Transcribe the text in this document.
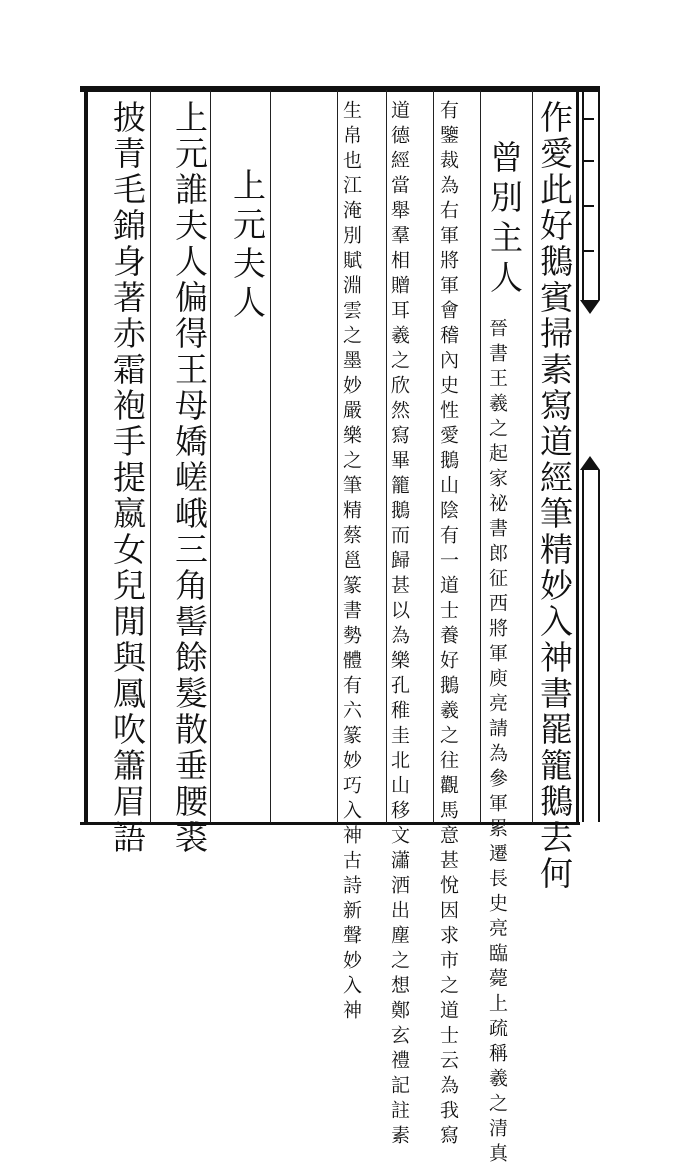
作愛此好鵝賓掃素寫道經筆精妙入神書罷籠鵝去何
曾別主人
晉書王羲之起家祕書郎征西將軍庾亮請為參軍累遷長史亮臨薨上疏稱羲之清真
有鑒裁為右軍將軍會稽內史性愛鵝山陰有一道士養好鵝羲之往觀馬意甚悅因求市之道士云為我寫
道德經當舉羣相贈耳羲之欣然寫畢籠鵝而歸甚以為樂孔稚圭北山移文瀟洒出塵之想鄭玄禮記註素
生帛也江淹別賦淵雲之墨妙嚴樂之筆精蔡邕篆書勢體有六篆妙巧入神古詩新聲妙入神
上元夫人
上元誰夫人偏得王母嬌嵯峨三角髻餘髮散垂腰裘
披青毛錦身著赤霜袍手提嬴女兒閒與鳳吹簫眉語
